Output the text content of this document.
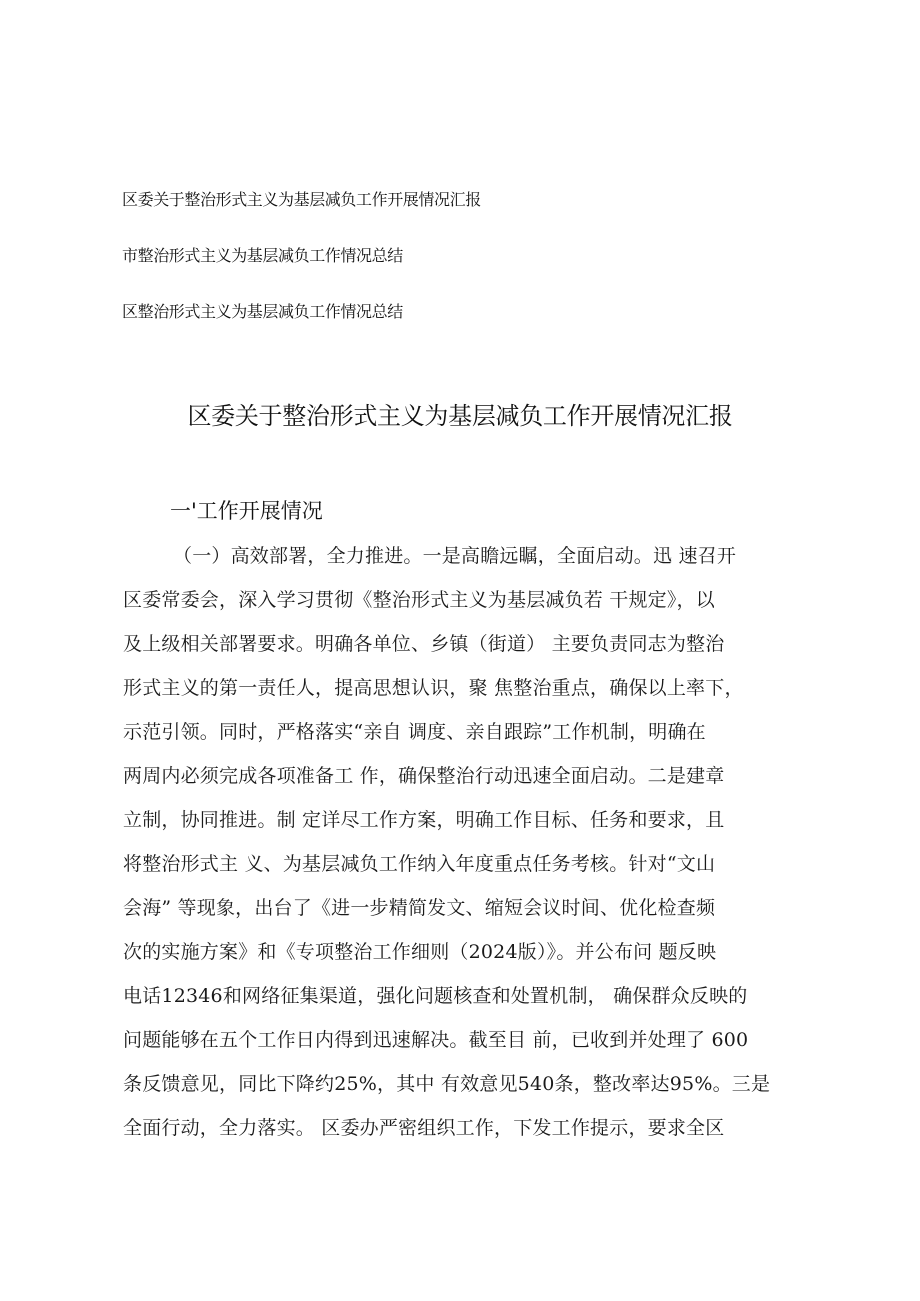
区委关于整治形式主义为基层减负工作开展情况汇报
市整治形式主义为基层减负工作情况总结
区整治形式主义为基层减负工作情况总结
区委关于整治形式主义为基层减负工作开展情况汇报
一'工作开展情况
（一）高效部署，全力推进。一是高瞻远瞩，全面启动。迅 速召开
区委常委会，深入学习贯彻《整治形式主义为基层减负若 干规定》，以
及上级相关部署要求。明确各单位、乡镇（街道） 主要负责同志为整治
形式主义的第一责任人，提高思想认识，聚 焦整治重点，确保以上率下，
示范引领。同时，严格落实“亲自 调度、亲自跟踪”工作机制，明确在
两周内必须完成各项准备工 作，确保整治行动迅速全面启动。二是建章
立制，协同推进。制 定详尽工作方案，明确工作目标、任务和要求，且
将整治形式主 义、为基层减负工作纳入年度重点任务考核。针对“文山
会海” 等现象，出台了《进一步精简发文、缩短会议时间、优化检查频
次的实施方案》和《专项整治工作细则（2024版）》。并公布问 题反映
电话12346和网络征集渠道，强化问题核查和处置机制， 确保群众反映的
问题能够在五个工作日内得到迅速解决。截至目 前，已收到并处理了 600
条反馈意见，同比下降约25%，其中 有效意见540条，整改率达95%。三是
全面行动，全力落实。 区委办严密组织工作，下发工作提示，要求全区
